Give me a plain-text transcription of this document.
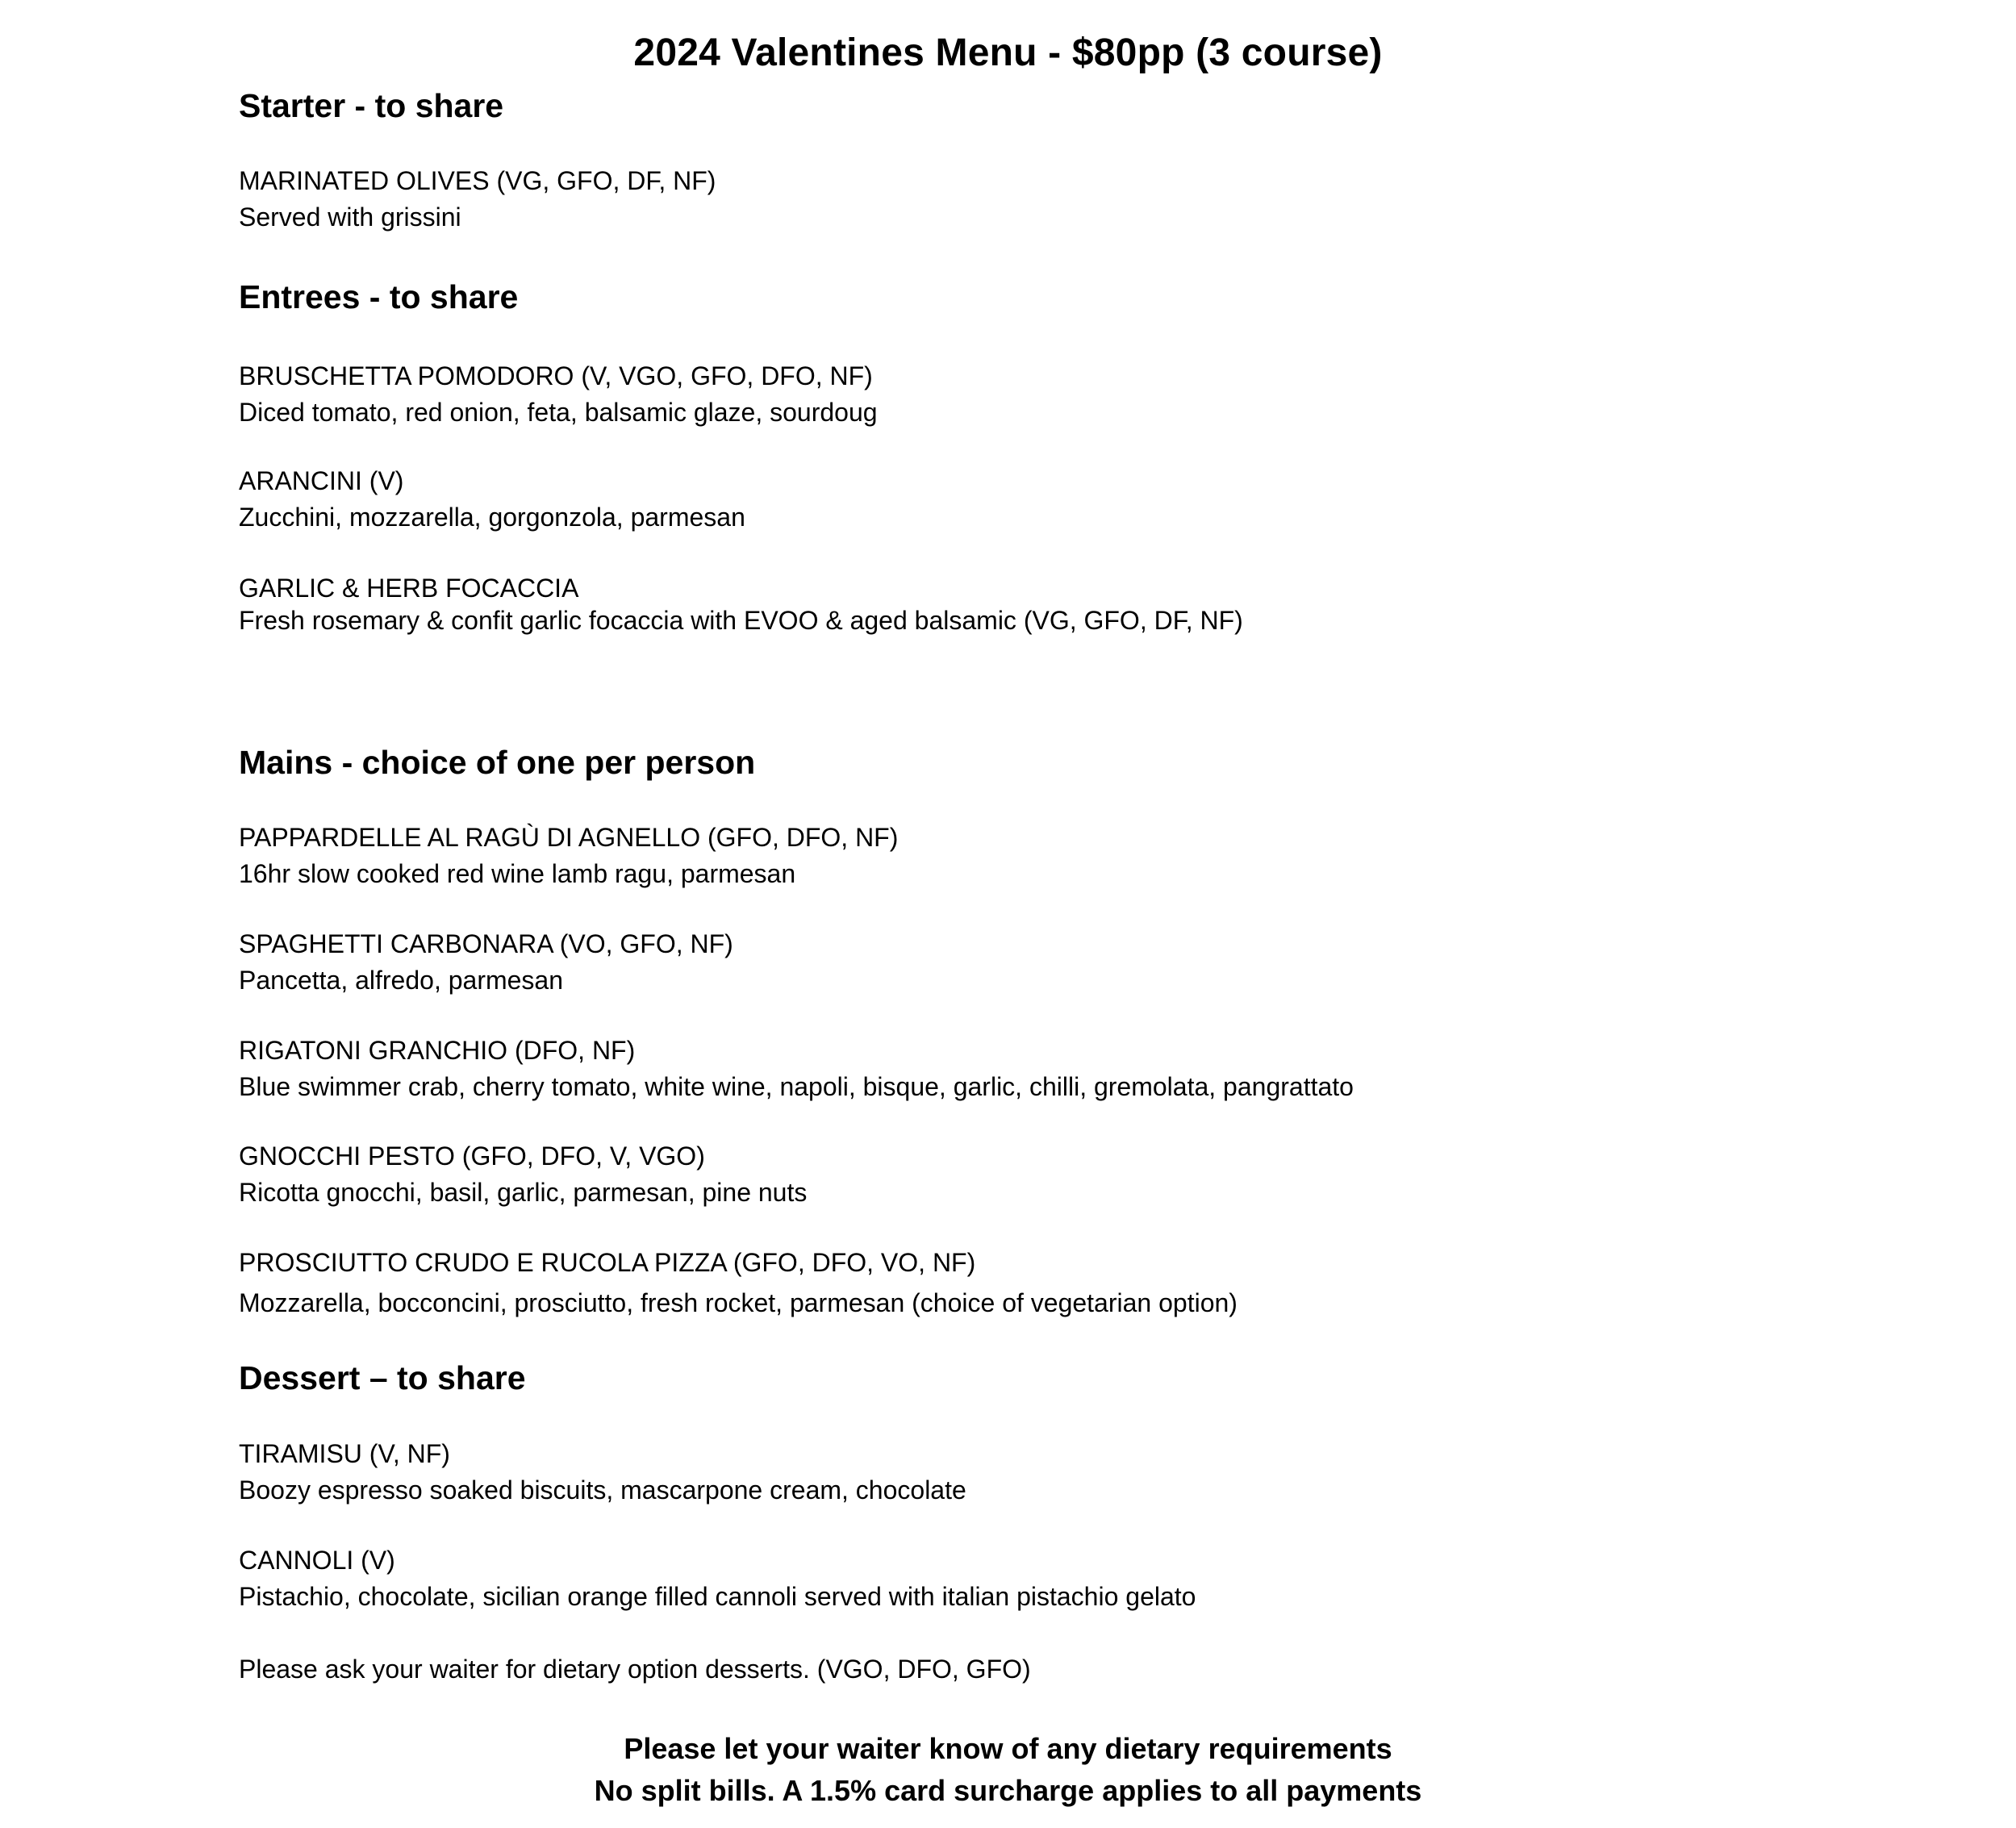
2024 Valentines Menu - $80pp (3 course)
Starter - to share
MARINATED OLIVES (VG, GFO, DF, NF)
Served with grissini
Entrees - to share
BRUSCHETTA POMODORO (V, VGO, GFO, DFO, NF)
Diced tomato, red onion, feta, balsamic glaze, sourdoug
ARANCINI (V)
Zucchini, mozzarella, gorgonzola, parmesan
GARLIC & HERB FOCACCIA
Fresh rosemary & confit garlic focaccia with EVOO & aged balsamic (VG, GFO, DF, NF)
Mains - choice of one per person
PAPPARDELLE AL RAGÙ DI AGNELLO (GFO, DFO, NF)
16hr slow cooked red wine lamb ragu, parmesan
SPAGHETTI CARBONARA (VO, GFO, NF)
Pancetta, alfredo, parmesan
RIGATONI GRANCHIO (DFO, NF)
Blue swimmer crab, cherry tomato, white wine, napoli, bisque, garlic, chilli, gremolata, pangrattato
GNOCCHI PESTO (GFO, DFO, V, VGO)
Ricotta gnocchi, basil, garlic, parmesan, pine nuts
PROSCIUTTO CRUDO E RUCOLA PIZZA (GFO, DFO, VO, NF)
Mozzarella, bocconcini, prosciutto, fresh rocket, parmesan (choice of vegetarian option)
Dessert – to share
TIRAMISU (V, NF)
Boozy espresso soaked biscuits, mascarpone cream, chocolate
CANNOLI (V)
Pistachio, chocolate, sicilian orange filled cannoli served with italian pistachio gelato
Please ask your waiter for dietary option desserts. (VGO, DFO, GFO)
Please let your waiter know of any dietary requirements
No split bills. A 1.5% card surcharge applies to all payments
